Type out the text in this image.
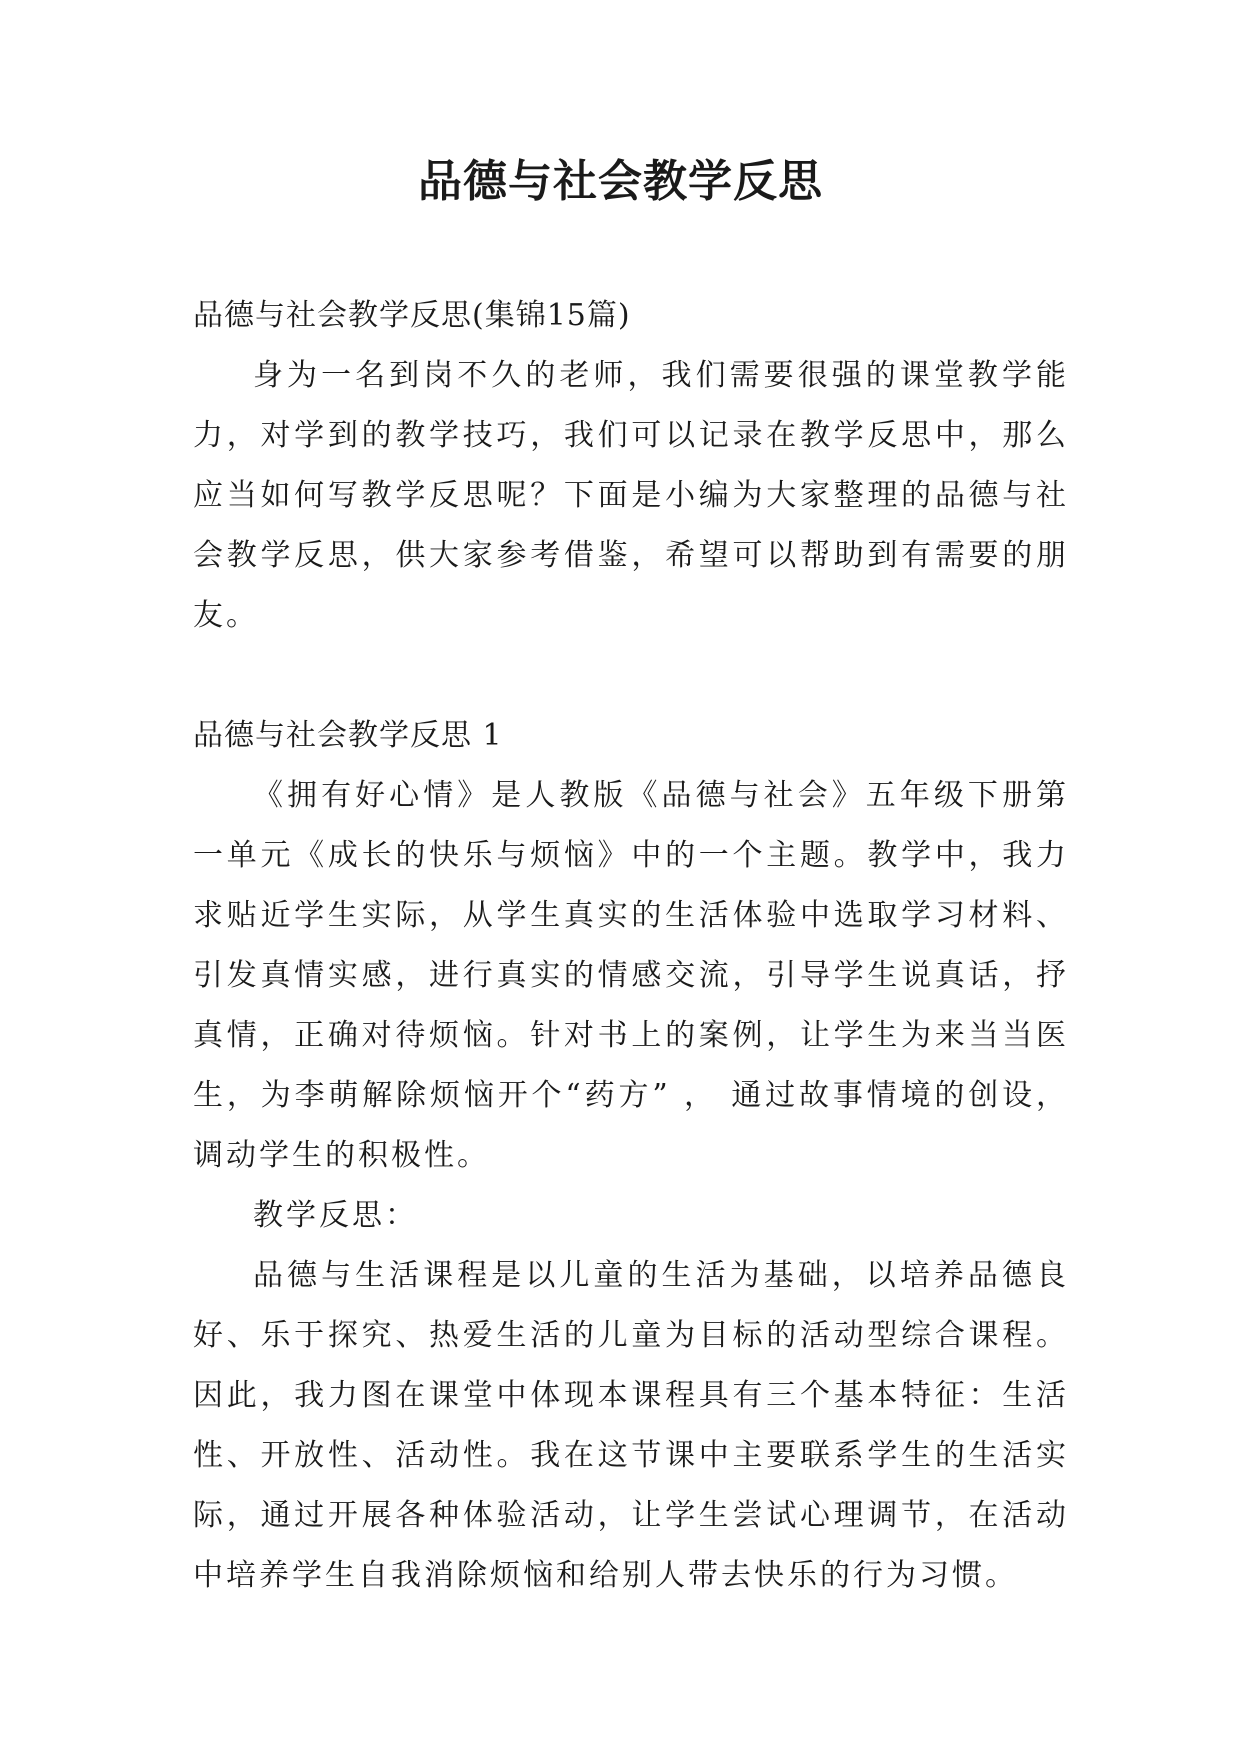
品德与社会教学反思

品德与社会教学反思(集锦15篇)

身为一名到岗不久的老师，我们需要很强的课堂教学能力，对学到的教学技巧，我们可以记录在教学反思中，那么应当如何写教学反思呢？下面是小编为大家整理的品德与社会教学反思，供大家参考借鉴，希望可以帮助到有需要的朋友。

品德与社会教学反思 1

《拥有好心情》是人教版《品德与社会》五年级下册第一单元《成长的快乐与烦恼》中的一个主题。教学中，我力求贴近学生实际，从学生真实的生活体验中选取学习材料、引发真情实感，进行真实的情感交流，引导学生说真话，抒真情，正确对待烦恼。针对书上的案例，让学生为来当当医生，为李萌解除烦恼开个“药方” ， 通过故事情境的创设，调动学生的积极性。

教学反思：

品德与生活课程是以儿童的生活为基础，以培养品德良好、乐于探究、热爱生活的儿童为目标的活动型综合课程。因此，我力图在课堂中体现本课程具有三个基本特征：生活性、开放性、活动性。我在这节课中主要联系学生的生活实际，通过开展各种体验活动，让学生尝试心理调节，在活动中培养学生自我消除烦恼和给别人带去快乐的行为习惯。
